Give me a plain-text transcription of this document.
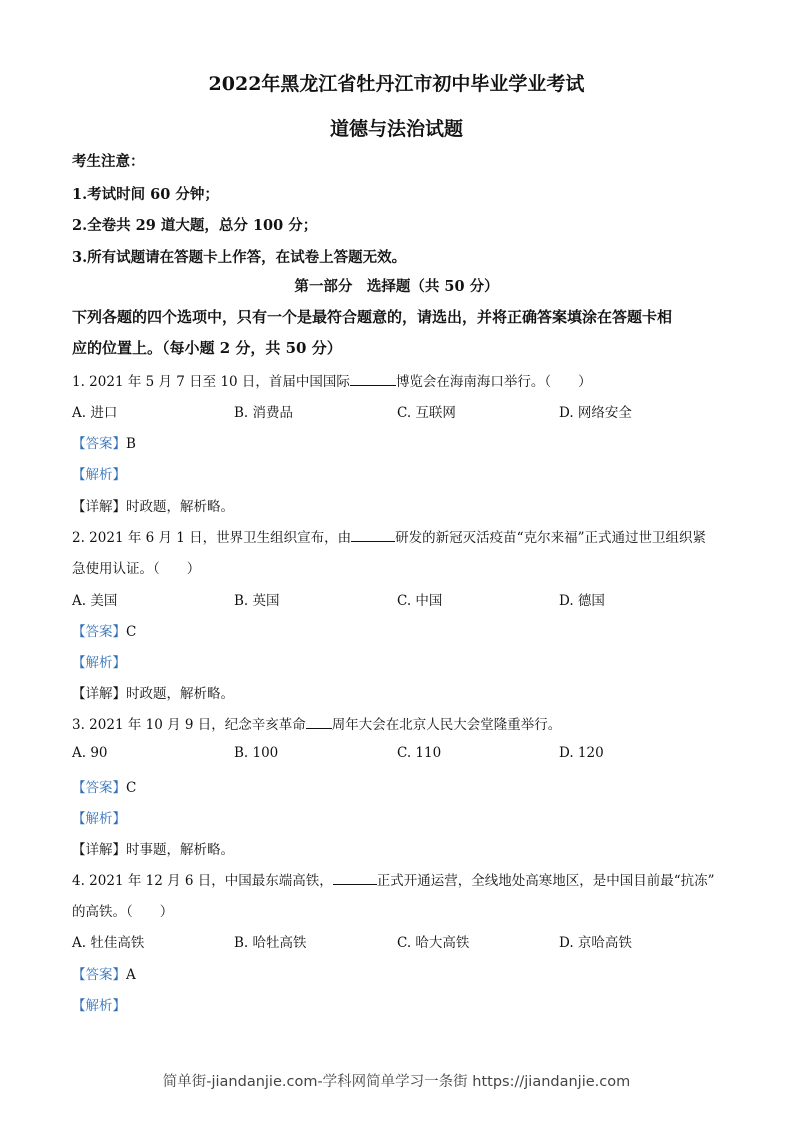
2022年黑龙江省牡丹江市初中毕业学业考试
道德与法治试题
考生注意：
1.考试时间 60 分钟；
2.全卷共 29 道大题，总分 100 分；
3.所有试题请在答题卡上作答，在试卷上答题无效。
第一部分　选择题（共 50 分）
下列各题的四个选项中，只有一个是最符合题意的，请选出，并将正确答案填涂在答题卡相
应的位置上。（每小题 2 分，共 50 分）
1. 2021 年 5 月 7 日至 10 日，首届中国国际	博览会在海南海口举行。（　　）
A. 进口	B. 消费品	C. 互联网	D. 网络安全
【答案】B
【解析】
【详解】时政题，解析略。
2. 2021 年 6 月 1 日，世界卫生组织宣布，由	研发的新冠灭活疫苗“克尔来福”正式通过世卫组织紧
急使用认证。（　　）
A. 美国	B. 英国	C. 中国	D. 德国
【答案】C
【解析】
【详解】时政题，解析略。
3. 2021 年 10 月 9 日，纪念辛亥革命 周年大会在北京人民大会堂隆重举行。
A. 90	B. 100	C. 110	D. 120
【答案】C
【解析】
【详解】时事题，解析略。
4. 2021 年 12 月 6 日，中国最东端高铁，	正式开通运营，全线地处高寒地区，是中国目前最“抗冻”
的高铁。（　　）
A. 牡佳高铁	B. 哈牡高铁	C. 哈大高铁	D. 京哈高铁
【答案】A
【解析】
简单街-jiandanjie.com-学科网简单学习一条街 https://jiandanjie.com
